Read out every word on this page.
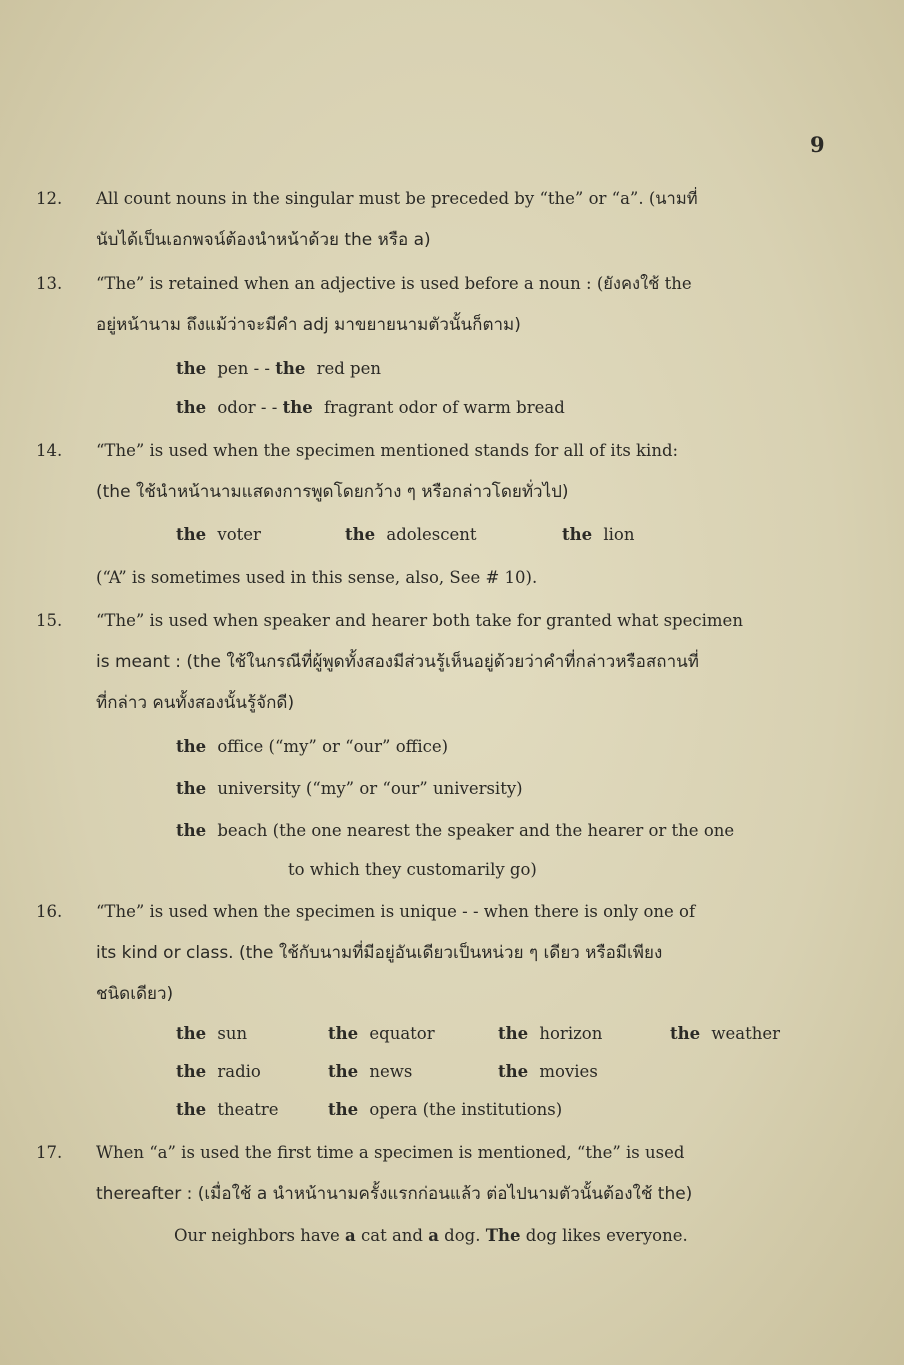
9
12. All count nouns in the singular must be preceded by “the” or “a”. (นามที่
นับได้เป็นเอกพจน์ต้องนำหน้าด้วย the หรือ a)
13. “The” is retained when an adjective is used before a noun : (ยังคงใช้ the
อยู่หน้านาม ถึงแม้ว่าจะมีคำ adj มาขยายนามตัวนั้นก็ตาม)
the pen - - the red pen
the odor - - the fragrant odor of warm bread
14. “The” is used when the specimen mentioned stands for all of its kind:
(the ใช้นำหน้านามแสดงการพูดโดยกว้าง ๆ หรือกล่าวโดยทั่วไป)
the voter	the adolescent	the lion
(“A” is sometimes used in this sense, also, See # 10).
15. “The” is used when speaker and hearer both take for granted what specimen
is meant : (the ใช้ในกรณีที่ผู้พูดทั้งสองมีส่วนรู้เห็นอยู่ด้วยว่าคำที่กล่าวหรือสถานที่
ที่กล่าว คนทั้งสองนั้นรู้จักดี)
the office (“my” or “our” office)
the university (“my” or “our” university)
the beach (the one nearest the speaker and the hearer or the one
to which they customarily go)
16. “The” is used when the specimen is unique - - when there is only one of
its kind or class. (the ใช้กับนามที่มีอยู่อันเดียวเป็นหน่วย ๆ เดียว หรือมีเพียง
ชนิดเดียว)
the sun	the equator	the horizon	the weather
the radio	the news	the movies
the theatre	the opera (the institutions)
17. When “a” is used the first time a specimen is mentioned, “the” is used
thereafter : (เมื่อใช้ a นำหน้านามครั้งแรกก่อนแล้ว ต่อไปนามตัวนั้นต้องใช้ the)
Our neighbors have a cat and a dog. The dog likes everyone.
